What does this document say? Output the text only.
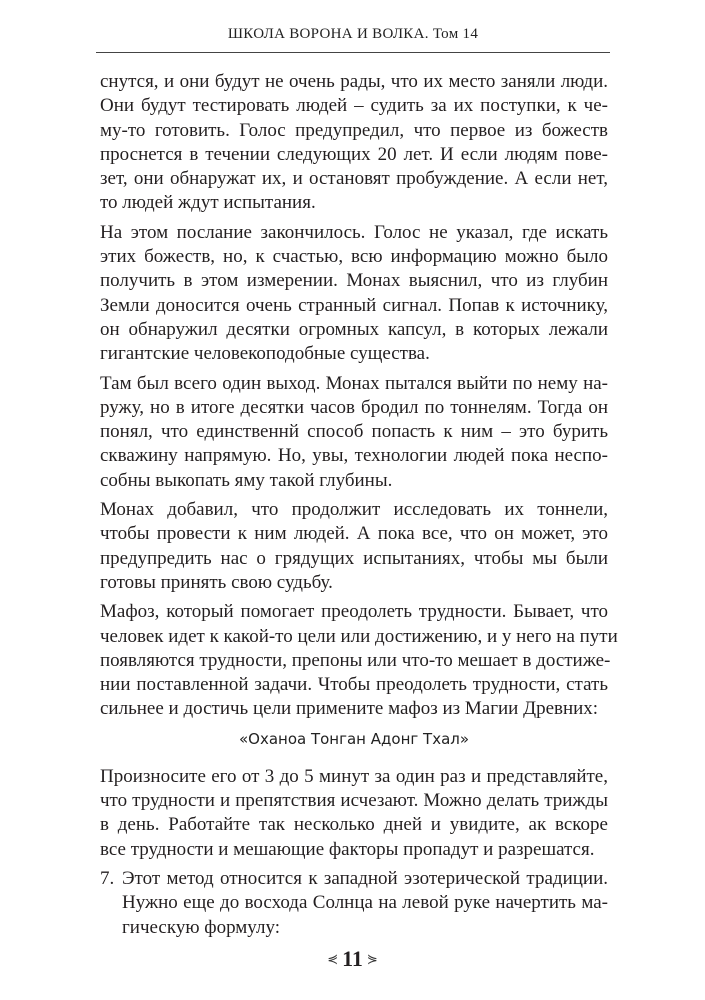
ШКОЛА ВОРОНА И ВОЛКА. Том 14
снутся, и они будут не очень рады, что их место заняли люди.
Они будут тестировать людей – судить за их поступки, к че-
му-то готовить. Голос предупредил, что первое из божеств
проснется в течении следующих 20 лет. И если людям пове-
зет, они обнаружат их, и остановят пробуждение. А если нет,
то людей ждут испытания.
На этом послание закончилось. Голос не указал, где искать
этих божеств, но, к счастью, всю информацию можно было
получить в этом измерении. Монах выяснил, что из глубин
Земли доносится очень странный сигнал. Попав к источнику,
он обнаружил десятки огромных капсул, в которых лежали
гигантские человекоподобные существа.
Там был всего один выход. Монах пытался выйти по нему на-
ружу, но в итоге десятки часов бродил по тоннелям. Тогда он
понял, что единственнй способ попасть к ним – это бурить
скважину напрямую. Но, увы, технологии людей пока неспо-
собны выкопать яму такой глубины.
Монах добавил, что продолжит исследовать их тоннели,
чтобы провести к ним людей. А пока все, что он может, это
предупредить нас о грядущих испытаниях, чтобы мы были
готовы принять свою судьбу.
Мафоз, который помогает преодолеть трудности. Бывает, что
человек идет к какой-то цели или достижению, и у него на пути
появляются трудности, препоны или что-то мешает в достиже-
нии поставленной задачи. Чтобы преодолеть трудности, стать
сильнее и достичь цели примените мафоз из Магии Древних:
«Оханоа Тонган Адонг Тхал»
Произносите его от 3 до 5 минут за один раз и представляйте,
что трудности и препятствия исчезают. Можно делать трижды
в день. Работайте так несколько дней и увидите, ак вскоре
все трудности и мешающие факторы пропадут и разрешатся.
7. Этот метод относится к западной эзотерической традиции.
Нужно еще до восхода Солнца на левой руке начертить ма-
гическую формулу:
⋞ 11 ⋟
